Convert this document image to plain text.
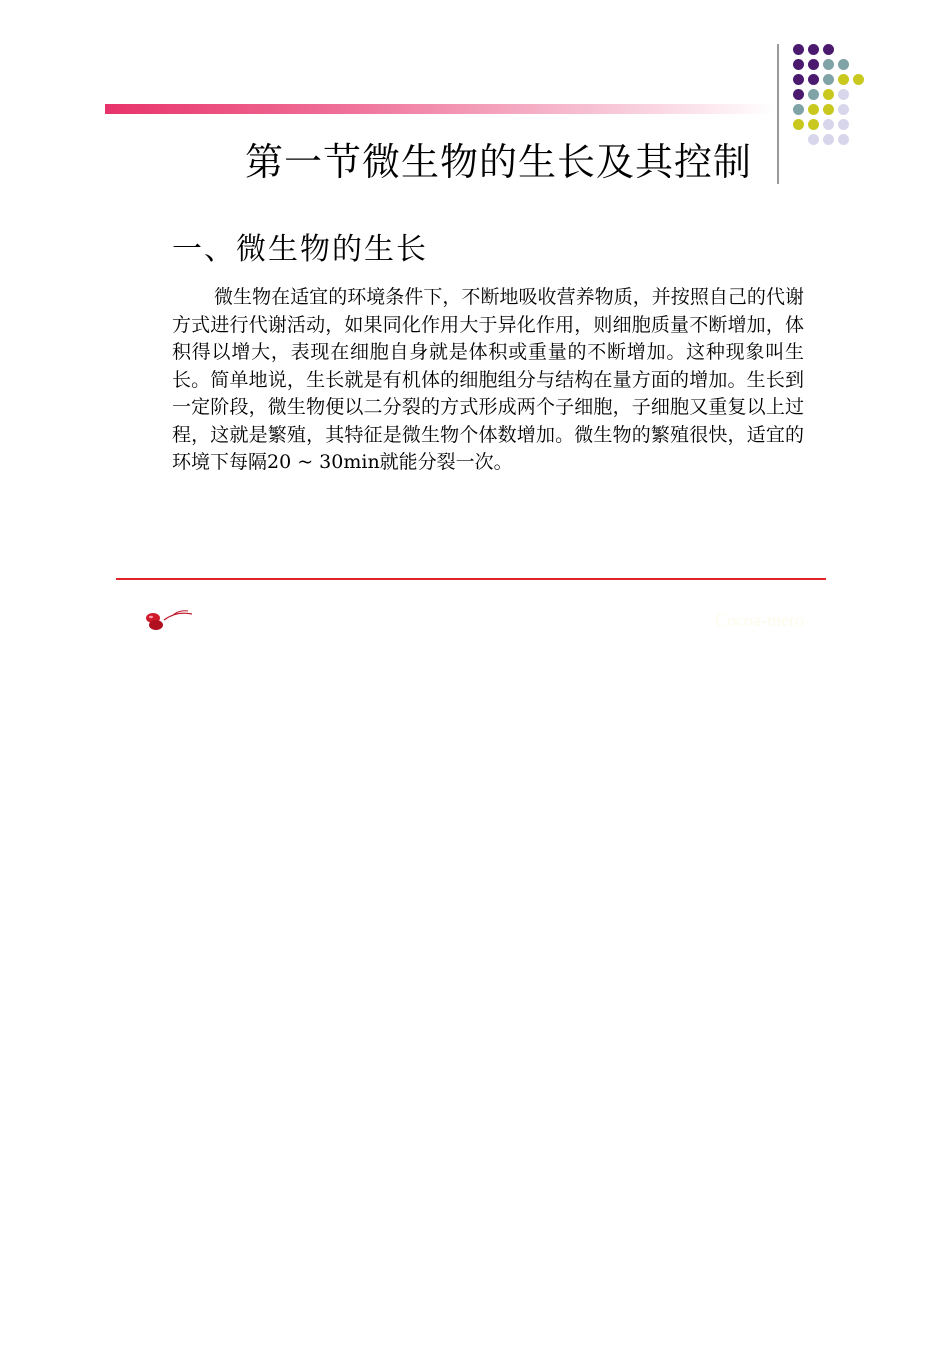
第一节微生物的生长及其控制
一、微生物的生长

微生物在适宜的环境条件下，不断地吸收营养物质，并按照自己的代谢方式进行代谢活动，如果同化作用大于异化作用，则细胞质量不断增加，体积得以增大，表现在细胞自身就是体积或重量的不断增加。这种现象叫生长。简单地说，生长就是有机体的细胞组分与结构在量方面的增加。生长到一定阶段，微生物便以二分裂的方式形成两个子细胞，子细胞又重复以上过程，这就是繁殖，其特征是微生物个体数增加。微生物的繁殖很快，适宜的环境下每隔20 ~ 30min就能分裂一次。

Cocoa-mero
